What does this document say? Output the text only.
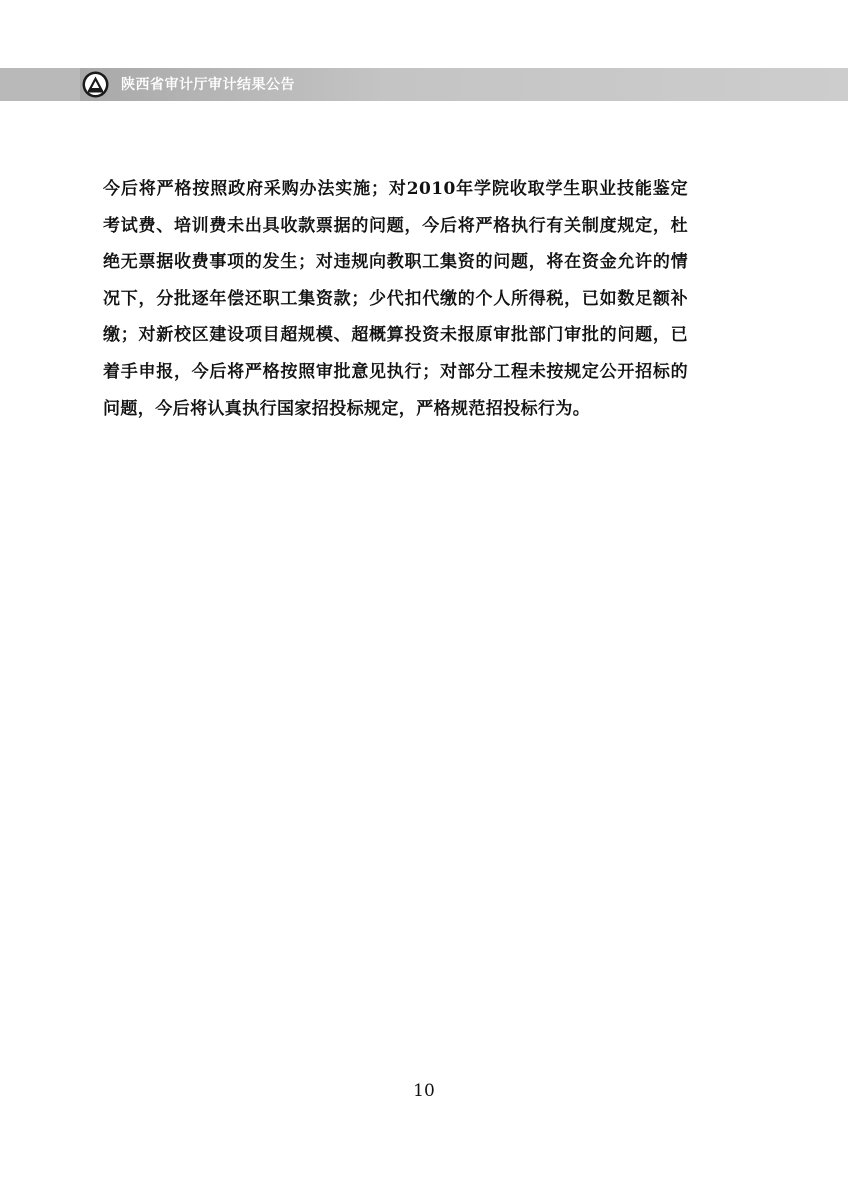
陕西省审计厅审计结果公告

今后将严格按照政府采购办法实施；对2010年学院收取学生职业技能鉴定考试费、培训费未出具收款票据的问题，今后将严格执行有关制度规定，杜绝无票据收费事项的发生；对违规向教职工集资的问题，将在资金允许的情况下，分批逐年偿还职工集资款；少代扣代缴的个人所得税，已如数足额补缴；对新校区建设项目超规模、超概算投资未报原审批部门审批的问题，已着手申报，今后将严格按照审批意见执行；对部分工程未按规定公开招标的问题，今后将认真执行国家招投标规定，严格规范招投标行为。

10
